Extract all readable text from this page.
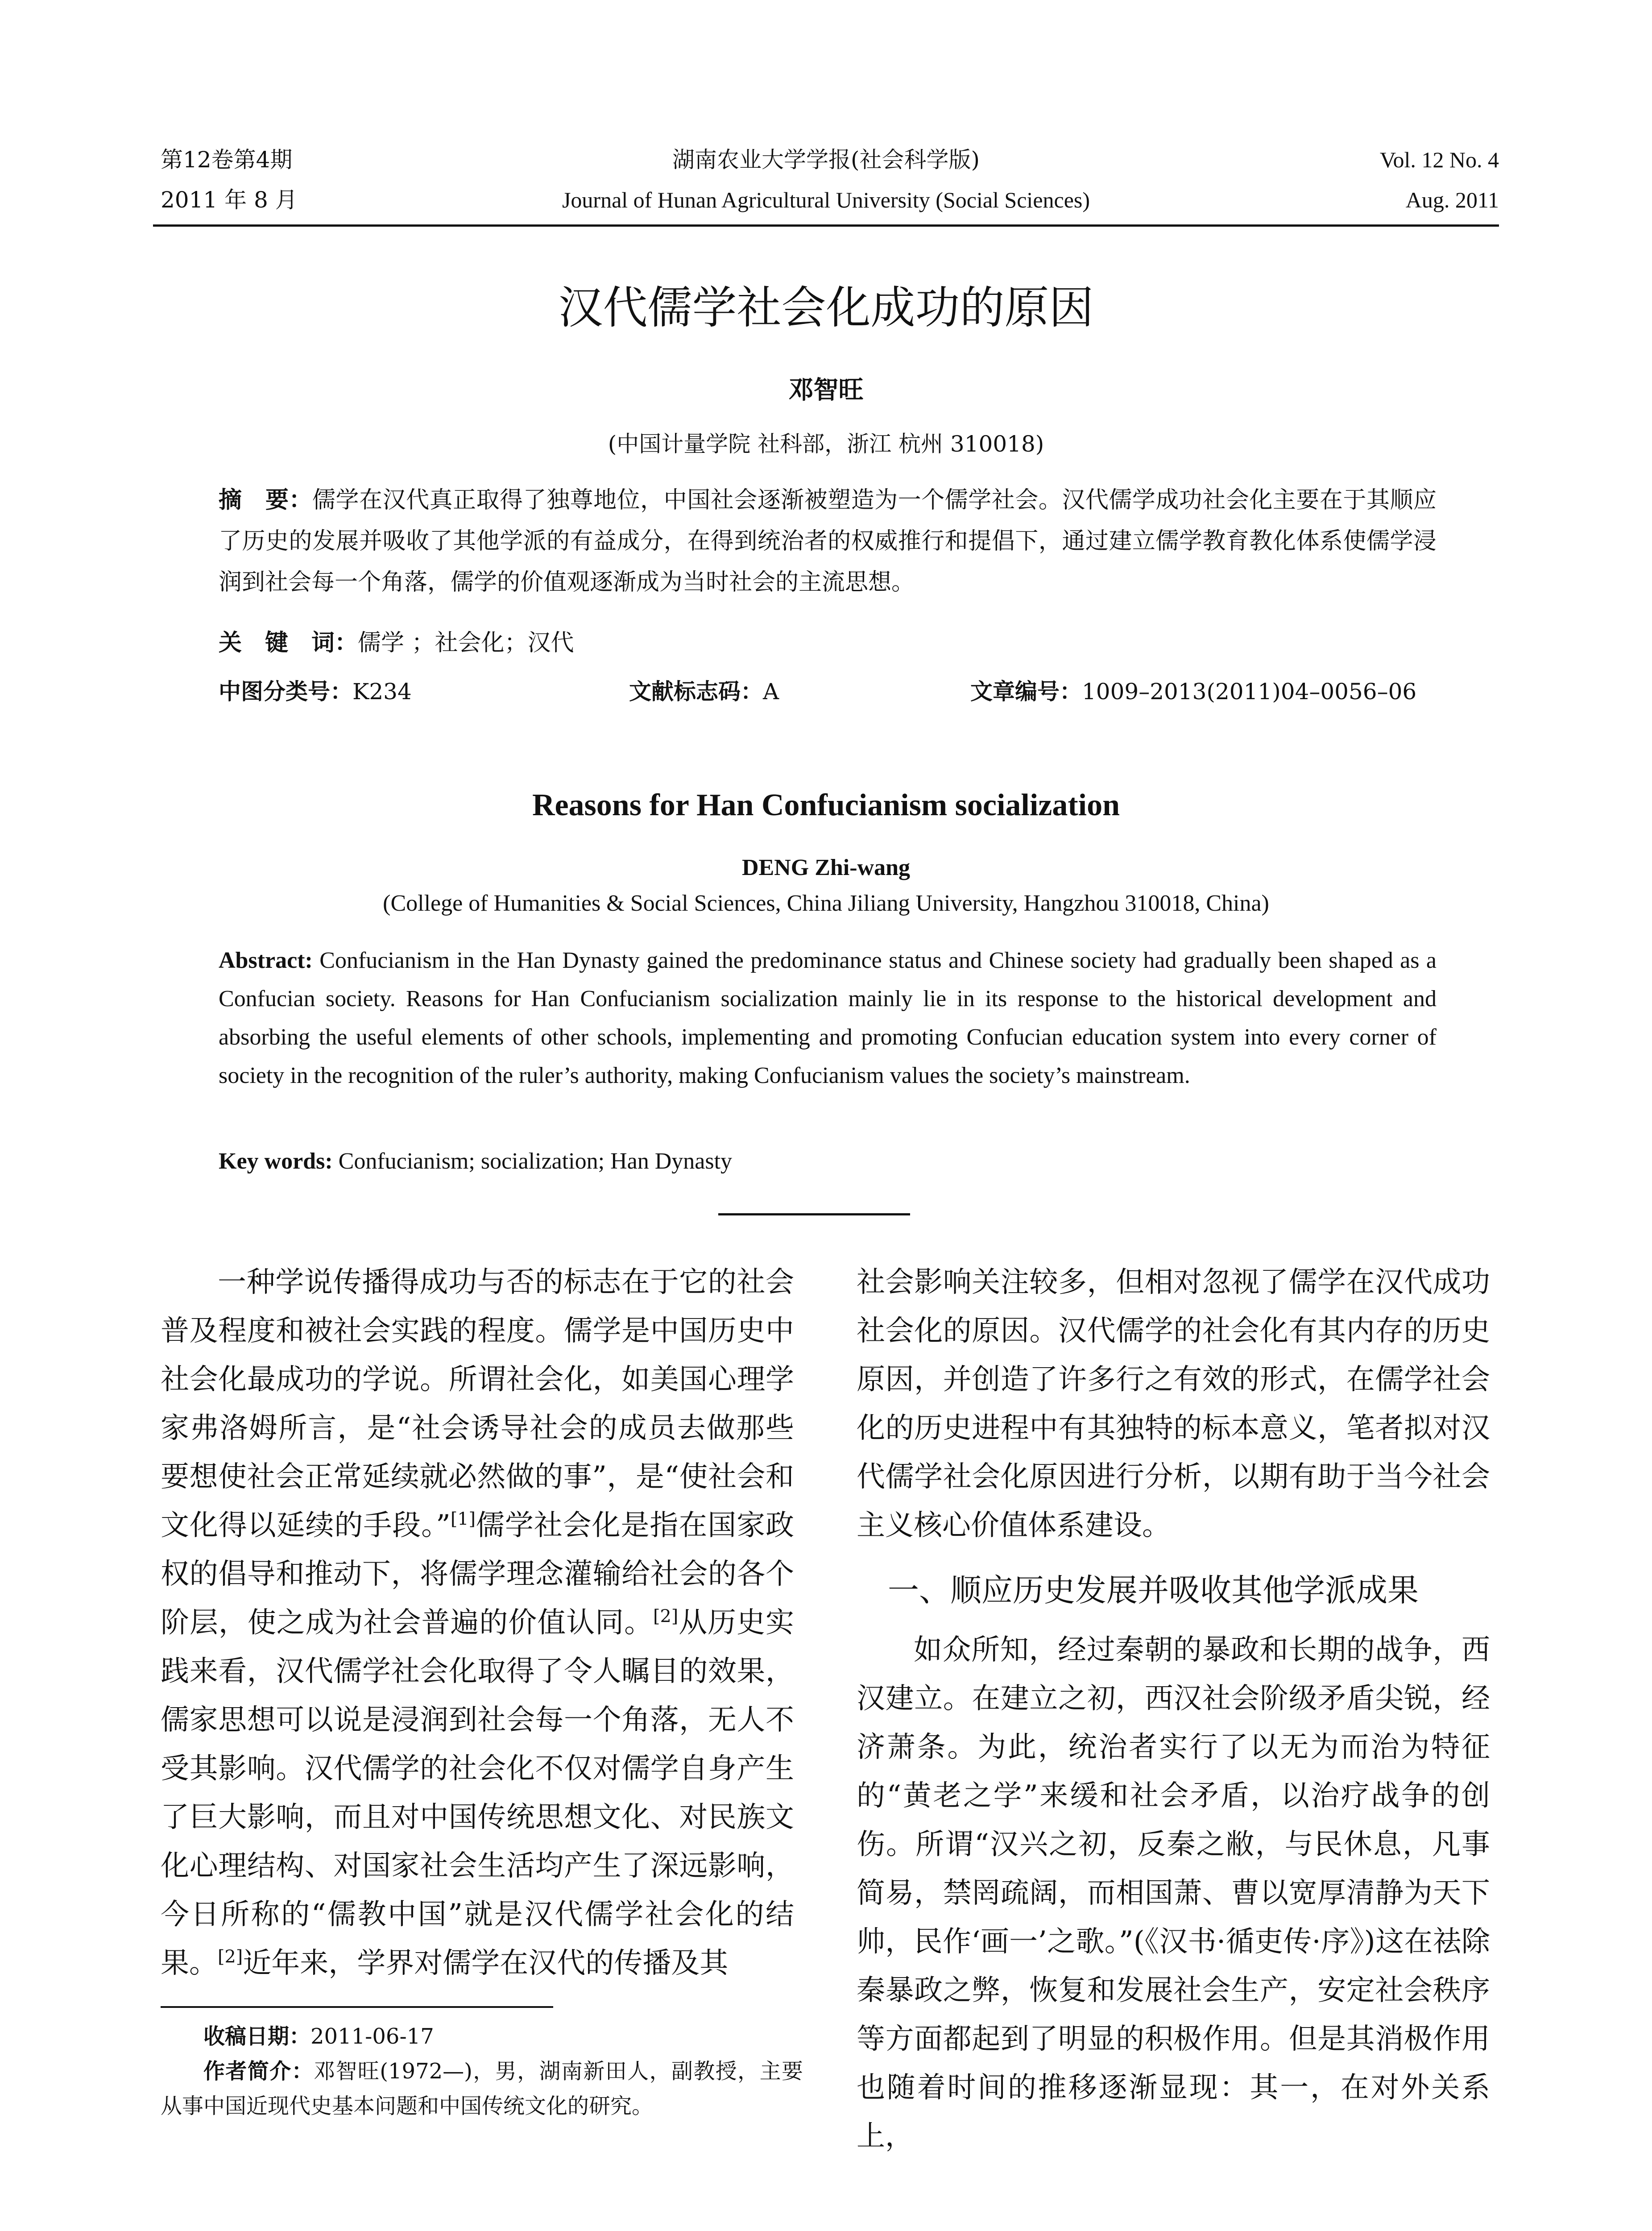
第12卷第4期
2011 年 8 月
湖南农业大学学报(社会科学版)
Journal of Hunan Agricultural University (Social Sciences)
Vol. 12 No. 4
Aug. 2011
汉代儒学社会化成功的原因
邓智旺
(中国计量学院 社科部，浙江 杭州 310018)
摘　要：儒学在汉代真正取得了独尊地位，中国社会逐渐被塑造为一个儒学社会。汉代儒学成功社会化主要在于其顺应了历史的发展并吸收了其他学派的有益成分，在得到统治者的权威推行和提倡下，通过建立儒学教育教化体系使儒学浸润到社会每一个角落，儒学的价值观逐渐成为当时社会的主流思想。
关　键　词：儒学 ；社会化；汉代
中图分类号：K234	文献标志码：A	文章编号：1009–2013(2011)04–0056–06
Reasons for Han Confucianism socialization
DENG Zhi-wang
(College of Humanities & Social Sciences, China Jiliang University, Hangzhou 310018, China)
Abstract: Confucianism in the Han Dynasty gained the predominance status and Chinese society had gradually been shaped as a Confucian society. Reasons for Han Confucianism socialization mainly lie in its response to the historical development and absorbing the useful elements of other schools, implementing and promoting Confucian education system into every corner of society in the recognition of the ruler’s authority, making Confucianism values the society’s mainstream.
Key words: Confucianism; socialization; Han Dynasty

一种学说传播得成功与否的标志在于它的社会普及程度和被社会实践的程度。儒学是中国历史中社会化最成功的学说。所谓社会化，如美国心理学家弗洛姆所言，是“社会诱导社会的成员去做那些要想使社会正常延续就必然做的事”，是“使社会和文化得以延续的手段。”[1]儒学社会化是指在国家政权的倡导和推动下，将儒学理念灌输给社会的各个阶层，使之成为社会普遍的价值认同。[2]从历史实践来看，汉代儒学社会化取得了令人瞩目的效果，儒家思想可以说是浸润到社会每一个角落，无人不受其影响。汉代儒学的社会化不仅对儒学自身产生了巨大影响，而且对中国传统思想文化、对民族文化心理结构、对国家社会生活均产生了深远影响，今日所称的“儒教中国”就是汉代儒学社会化的结果。[2]近年来，学界对儒学在汉代的传播及其

社会影响关注较多，但相对忽视了儒学在汉代成功社会化的原因。汉代儒学的社会化有其内存的历史原因，并创造了许多行之有效的形式，在儒学社会化的历史进程中有其独特的标本意义，笔者拟对汉代儒学社会化原因进行分析，以期有助于当今社会主义核心价值体系建设。

一、顺应历史发展并吸收其他学派成果

如众所知，经过秦朝的暴政和长期的战争，西汉建立。在建立之初，西汉社会阶级矛盾尖锐，经济萧条。为此，统治者实行了以无为而治为特征的“黄老之学”来缓和社会矛盾，以治疗战争的创伤。所谓“汉兴之初，反秦之敝，与民休息，凡事简易，禁罔疏阔，而相国萧、曹以宽厚清静为天下帅，民作‘画一’之歌。”(《汉书·循吏传·序》)这在祛除秦暴政之弊，恢复和发展社会生产，安定社会秩序等方面都起到了明显的积极作用。但是其消极作用也随着时间的推移逐渐显现：其一，在对外关系上，

收稿日期：2011-06-17

作者简介：邓智旺(1972—)，男，湖南新田人，副教授，主要从事中国近现代史基本问题和中国传统文化的研究。
